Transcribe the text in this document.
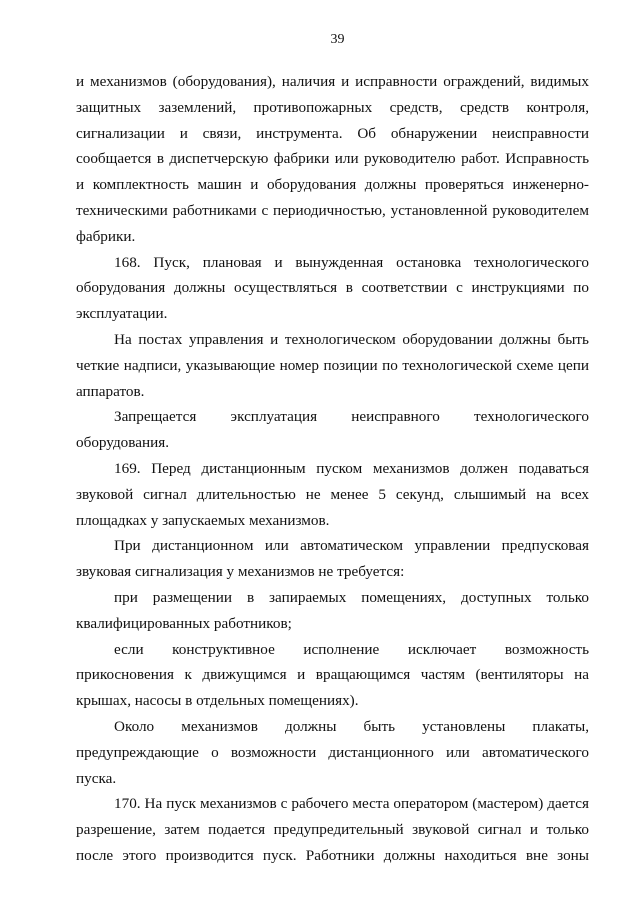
39

и механизмов (оборудования), наличия и исправности ограждений, видимых защитных заземлений, противопожарных средств, средств контроля, сигнализации и связи, инструмента. Об обнаружении неисправности сообщается в диспетчерскую фабрики или руководителю работ. Исправность и комплектность машин и оборудования должны проверяться инженерно-техническими работниками с периодичностью, установленной руководителем фабрики.

168. Пуск, плановая и вынужденная остановка технологического оборудования должны осуществляться в соответствии с инструкциями по эксплуатации.

На постах управления и технологическом оборудовании должны быть четкие надписи, указывающие номер позиции по технологической схеме цепи аппаратов.

Запрещается эксплуатация неисправного технологического оборудования.

169. Перед дистанционным пуском механизмов должен подаваться звуковой сигнал длительностью не менее 5 секунд, слышимый на всех площадках у запускаемых механизмов.

При дистанционном или автоматическом управлении предпусковая звуковая сигнализация у механизмов не требуется:

при размещении в запираемых помещениях, доступных только квалифицированных работников;

если конструктивное исполнение исключает возможность прикосновения к движущимся и вращающимся частям (вентиляторы на крышах, насосы в отдельных помещениях).

Около механизмов должны быть установлены плакаты, предупреждающие о возможности дистанционного или автоматического пуска.

170. На пуск механизмов с рабочего места оператором (мастером) дается разрешение, затем подается предупредительный звуковой сигнал и только после этого производится пуск. Работники должны находиться вне зоны
